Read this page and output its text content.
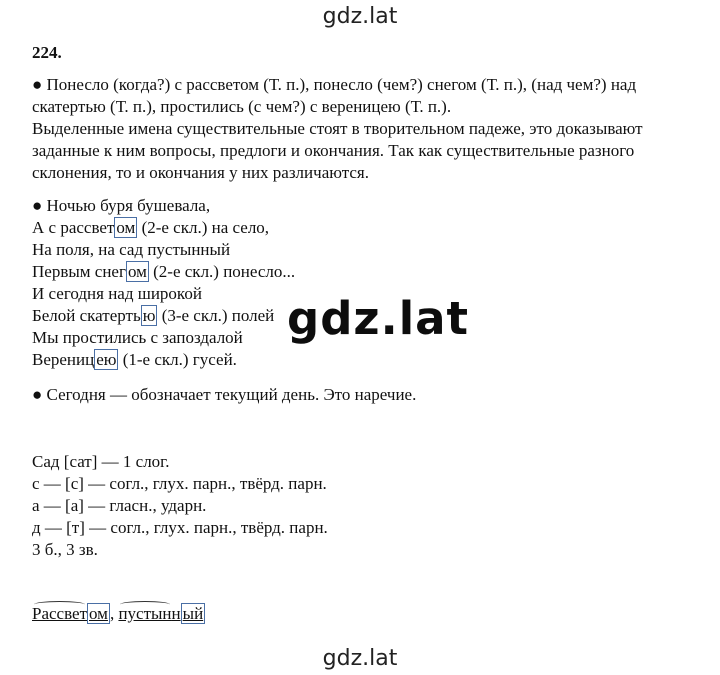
gdz.lat
224.
● Понесло (когда?) с рассветом (Т. п.), понесло (чем?) снегом (Т. п.), (над чем?) над
скатертью (Т. п.), простились (с чем?) с вереницею (Т. п.).
Выделенные имена существительные стоят в творительном падеже, это доказывают
заданные к ним вопросы, предлоги и окончания. Так как существительные разного
склонения, то и окончания у них различаются.
● Ночью буря бушевала,
А с рассвет ом (2-е скл.) на село,
На поля, на сад пустынный
Первым снег ом (2-е скл.) понесло...
И сегодня над широкой
Белой скатерть ю (3-е скл.) полей
Мы простились с запоздалой
Верениц ею (1-е скл.) гусей.
gdz.lat
● Сегодня — обозначает текущий день. Это наречие.
Сад [сат] — 1 слог.
с — [с] — согл., глух. парн., твёрд. парн.
а — [а] — гласн., ударн.
д — [т] — согл., глух. парн., твёрд. парн.
3 б., 3 зв.
Рассвет ом , пустынн ый
gdz.lat
